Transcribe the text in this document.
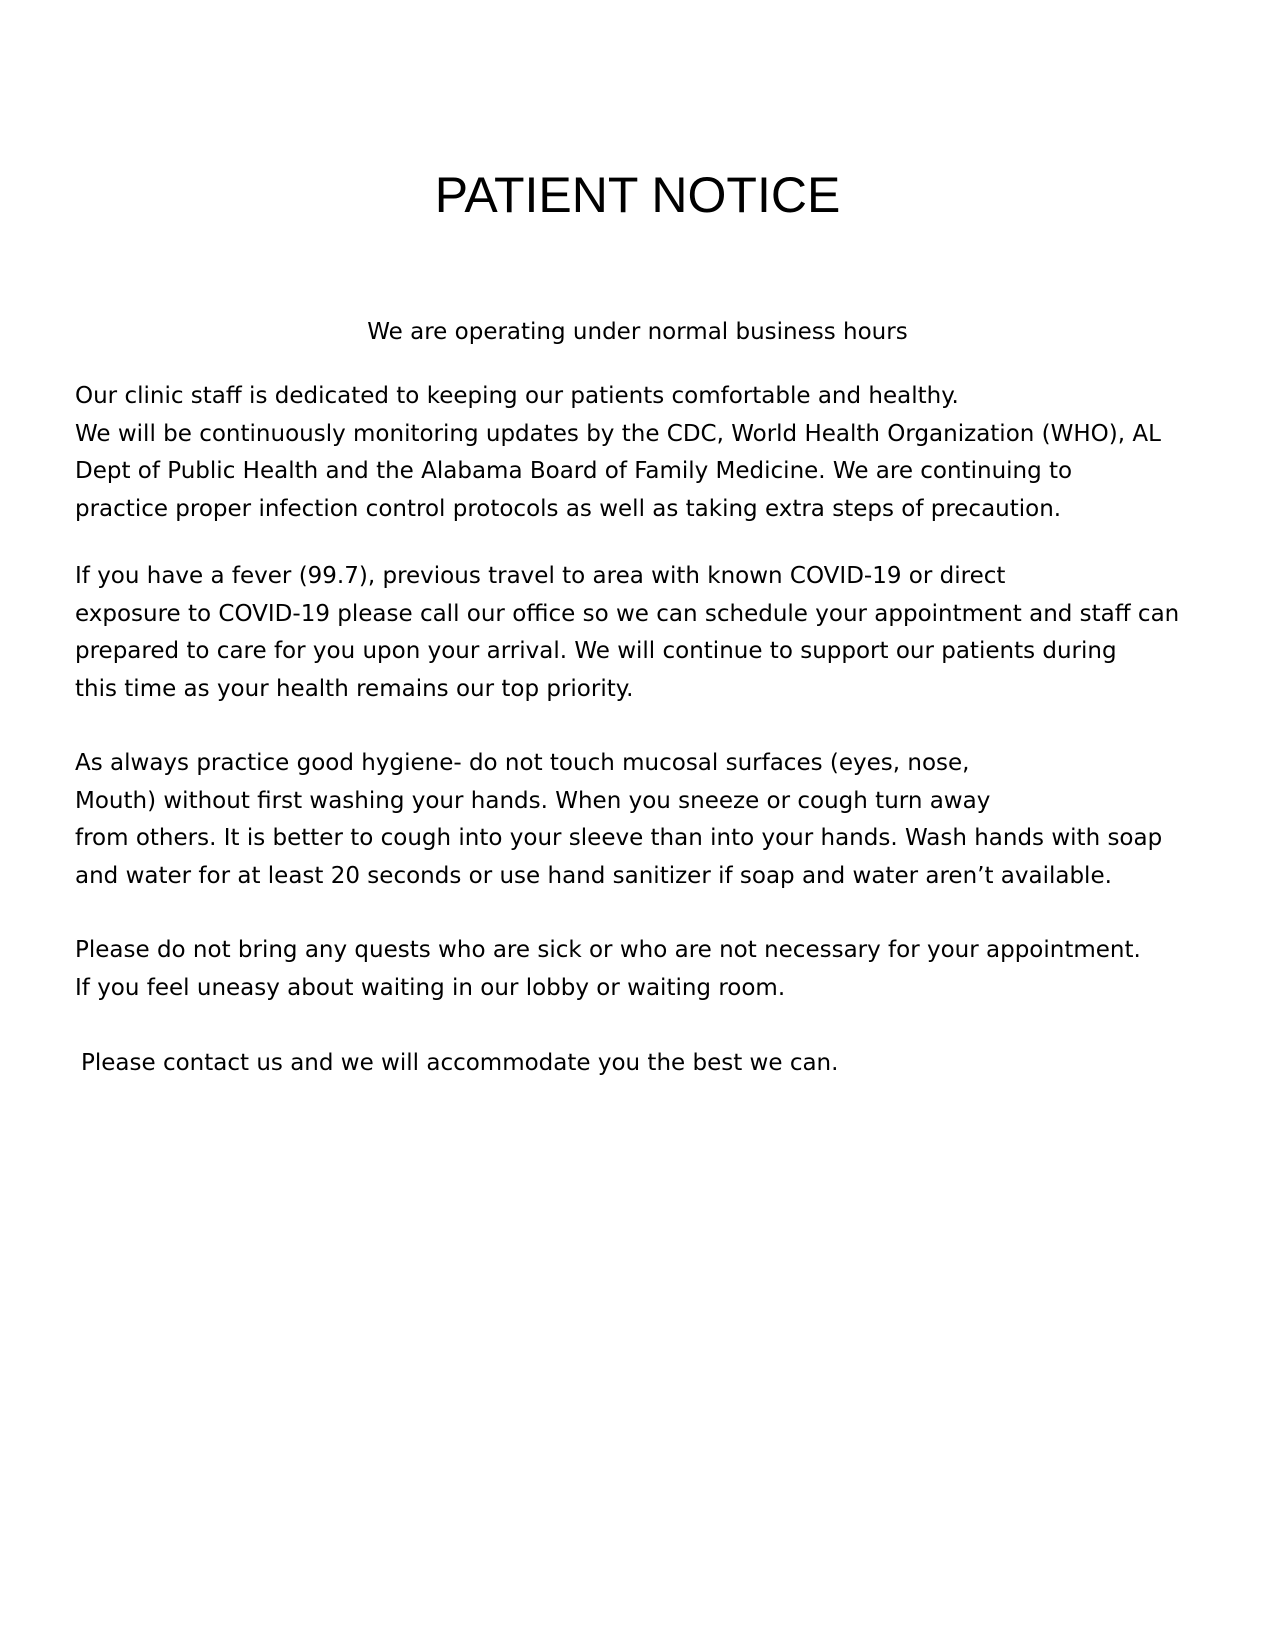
PATIENT NOTICE

We are operating under normal business hours

Our clinic staff is dedicated to keeping our patients comfortable and healthy.
We will be continuously monitoring updates by the CDC, World Health Organization (WHO), AL
Dept of Public Health and the Alabama Board of Family Medicine. We are continuing to
practice proper infection control protocols as well as taking extra steps of precaution.

If you have a fever (99.7), previous travel to area with known COVID-19 or direct
exposure to COVID-19 please call our office so we can schedule your appointment and staff can
prepared to care for you upon your arrival. We will continue to support our patients during
this time as your health remains our top priority.

As always practice good hygiene- do not touch mucosal surfaces (eyes, nose,
Mouth) without first washing your hands. When you sneeze or cough turn away
from others. It is better to cough into your sleeve than into your hands. Wash hands with soap
and water for at least 20 seconds or use hand sanitizer if soap and water aren’t available.

Please do not bring any quests who are sick or who are not necessary for your appointment.
If you feel uneasy about waiting in our lobby or waiting room.

Please contact us and we will accommodate you the best we can.
